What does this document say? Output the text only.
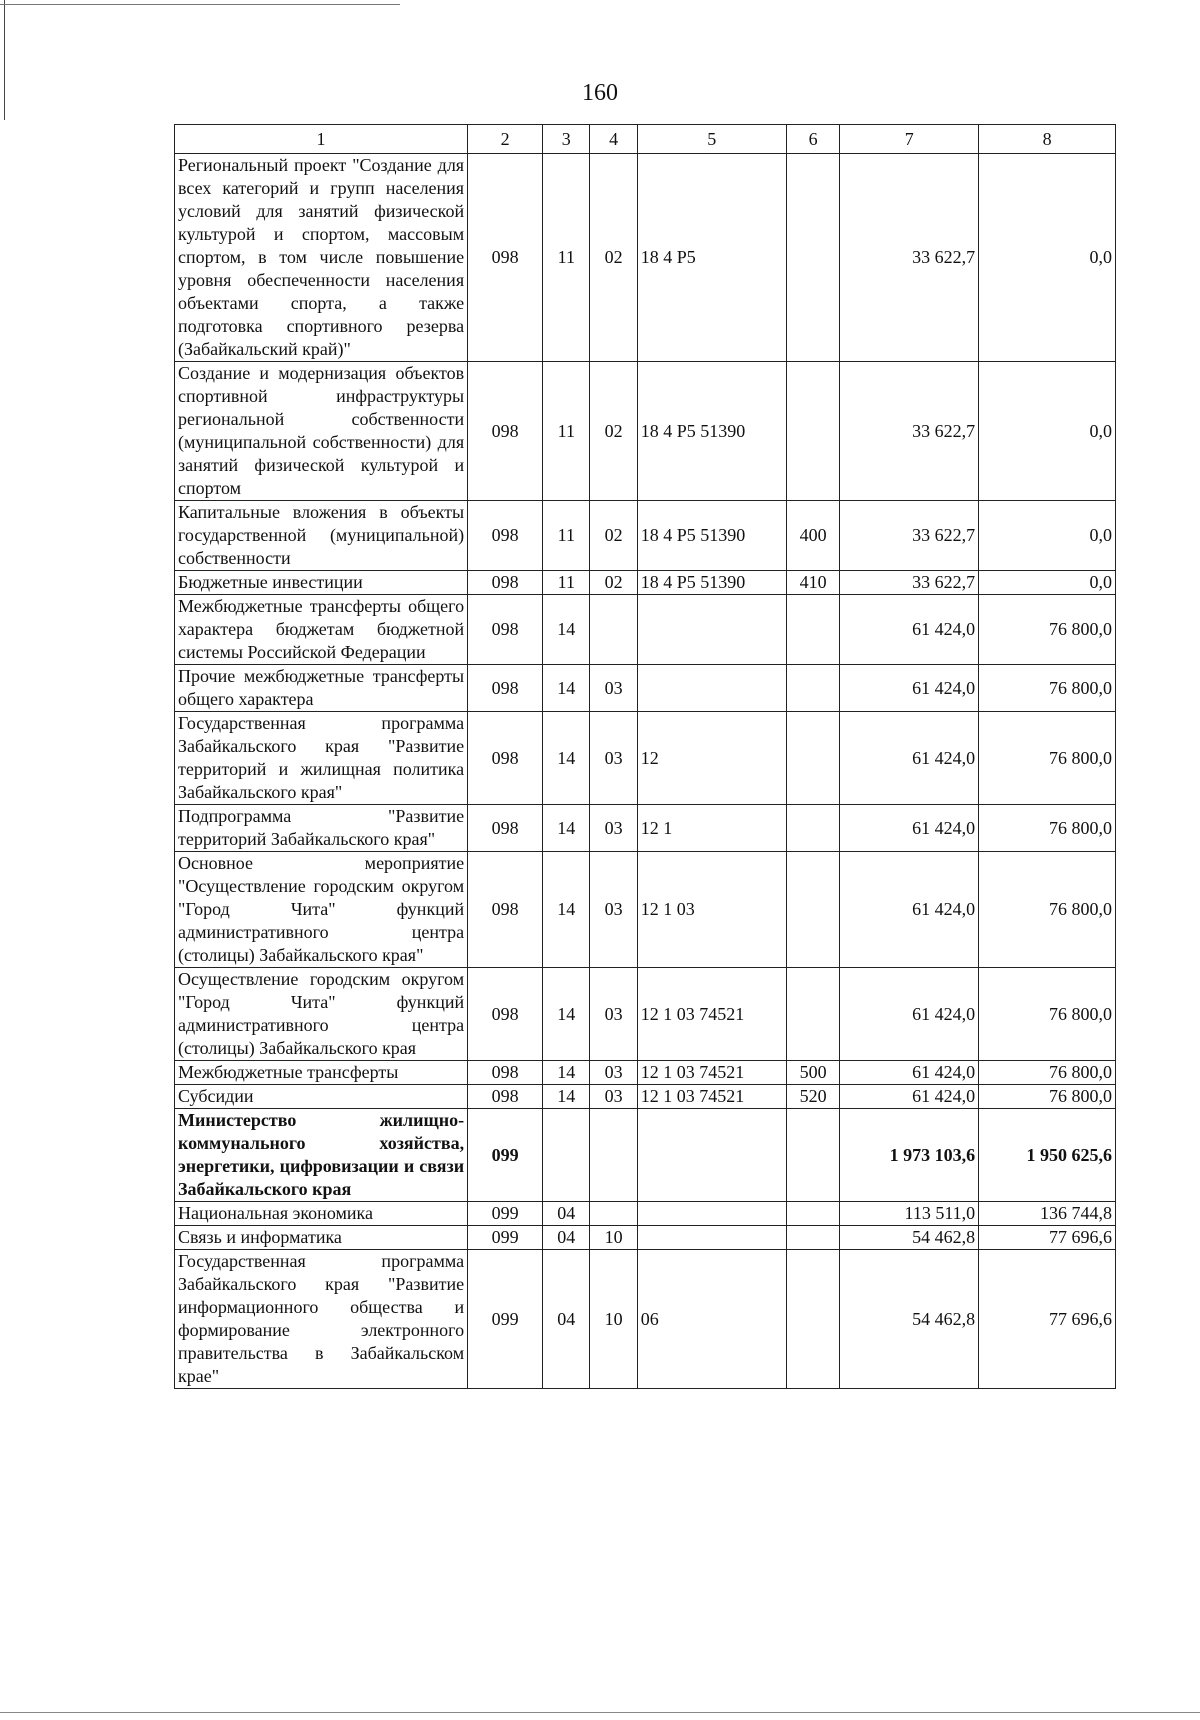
160
1	2	3	4	5	6	7	8
Региональный проект "Создание для всех категорий и групп населения условий для занятий физической культурой и спортом, массовым спортом, в том числе повышение уровня обеспеченности населения объектами спорта, а также подготовка спортивного резерва (Забайкальский край)"	098	11	02	18 4 P5		33 622,7	0,0
Создание и модернизация объектов спортивной инфраструктуры региональной собственности (муниципальной собственности) для занятий физической культурой и спортом	098	11	02	18 4 P5 51390		33 622,7	0,0
Капитальные вложения в объекты государственной (муниципальной) собственности	098	11	02	18 4 P5 51390	400	33 622,7	0,0
Бюджетные инвестиции	098	11	02	18 4 P5 51390	410	33 622,7	0,0
Межбюджетные трансферты общего характера бюджетам бюджетной системы Российской Федерации	098	14				61 424,0	76 800,0
Прочие межбюджетные трансферты общего характера	098	14	03			61 424,0	76 800,0
Государственная программа Забайкальского края "Развитие территорий и жилищная политика Забайкальского края"	098	14	03	12		61 424,0	76 800,0
Подпрограмма "Развитие территорий Забайкальского края"	098	14	03	12 1		61 424,0	76 800,0
Основное мероприятие "Осуществление городским округом "Город Чита" функций административного центра (столицы) Забайкальского края"	098	14	03	12 1 03		61 424,0	76 800,0
Осуществление городским округом "Город Чита" функций административного центра (столицы) Забайкальского края	098	14	03	12 1 03 74521		61 424,0	76 800,0
Межбюджетные трансферты	098	14	03	12 1 03 74521	500	61 424,0	76 800,0
Субсидии	098	14	03	12 1 03 74521	520	61 424,0	76 800,0
Министерство жилищно-коммунального хозяйства, энергетики, цифровизации и связи Забайкальского края	099					1 973 103,6	1 950 625,6
Национальная экономика	099	04				113 511,0	136 744,8
Связь и информатика	099	04	10			54 462,8	77 696,6
Государственная программа Забайкальского края "Развитие информационного общества и формирование электронного правительства в Забайкальском крае"	099	04	10	06		54 462,8	77 696,6
